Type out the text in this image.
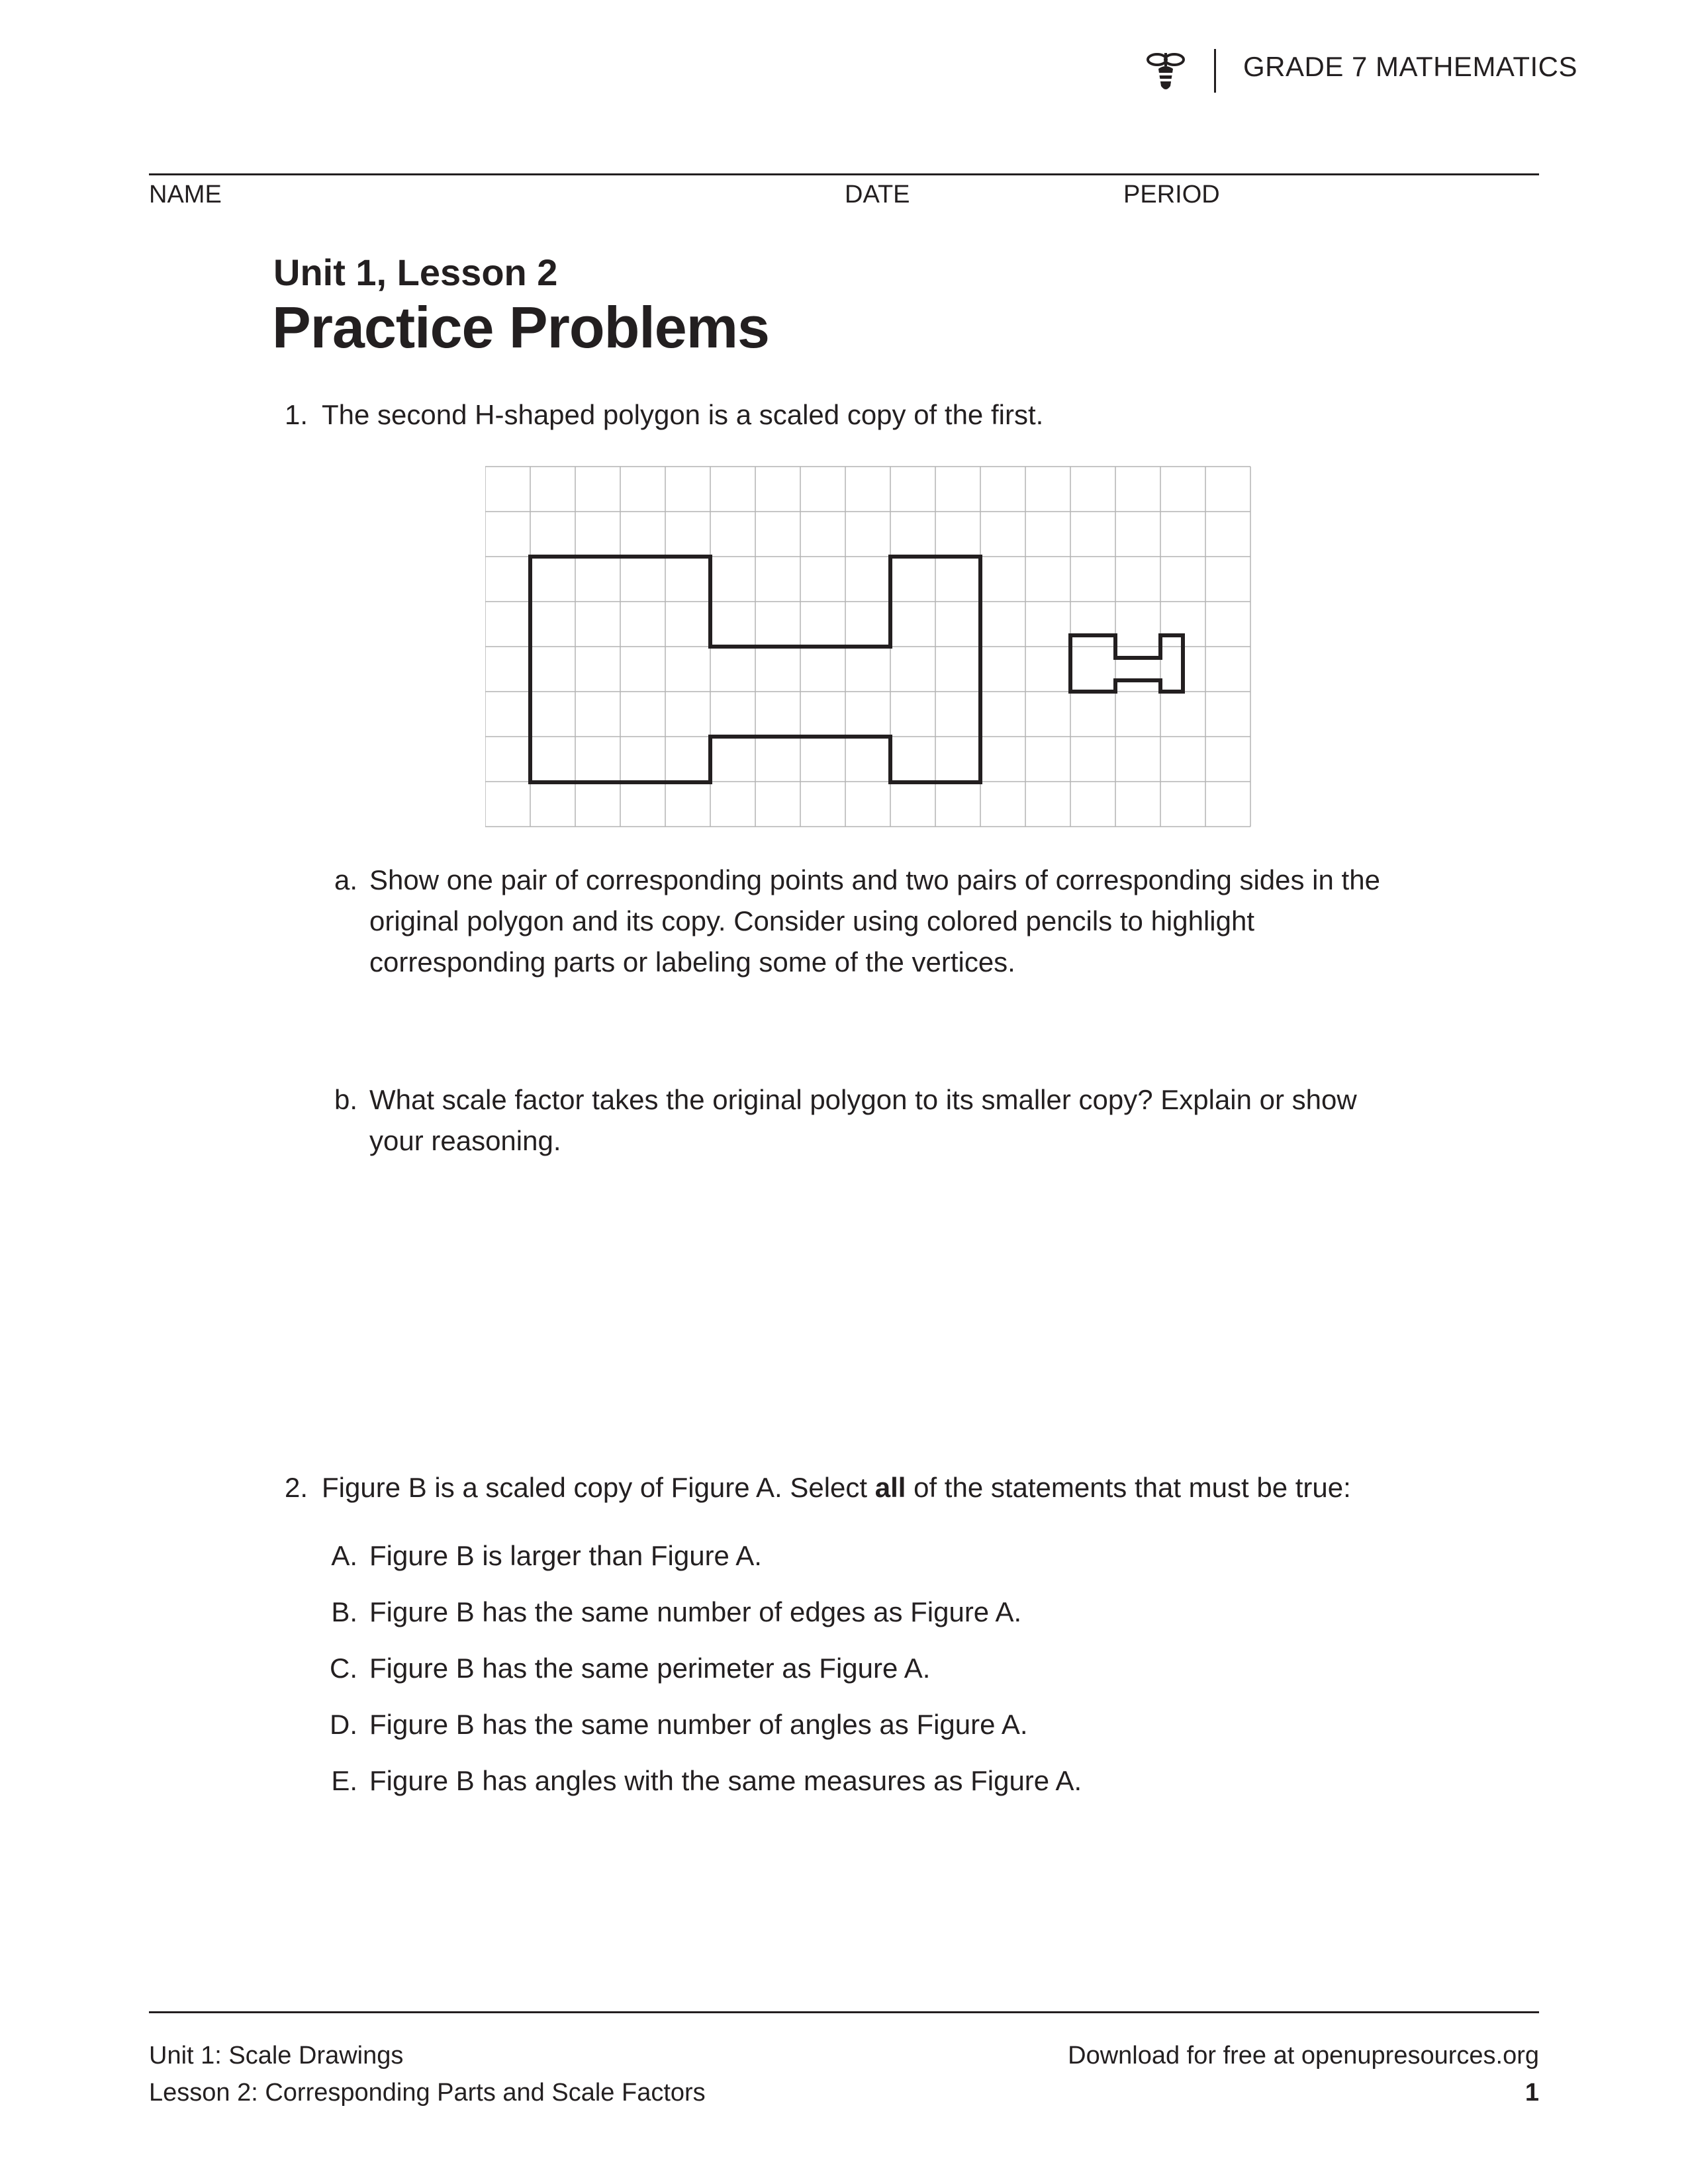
GRADE 7 MATHEMATICS
NAME	DATE	PERIOD
Unit 1, Lesson 2
Practice Problems
1. The second H-shaped polygon is a scaled copy of the first.
a. Show one pair of corresponding points and two pairs of corresponding sides in the
original polygon and its copy. Consider using colored pencils to highlight
corresponding parts or labeling some of the vertices.
b. What scale factor takes the original polygon to its smaller copy? Explain or show
your reasoning.
2. Figure B is a scaled copy of Figure A. Select all of the statements that must be true:
A. Figure B is larger than Figure A.
B. Figure B has the same number of edges as Figure A.
C. Figure B has the same perimeter as Figure A.
D. Figure B has the same number of angles as Figure A.
E. Figure B has angles with the same measures as Figure A.
Unit 1: Scale Drawings
Lesson 2: Corresponding Parts and Scale Factors
Download for free at openupresources.org
1
